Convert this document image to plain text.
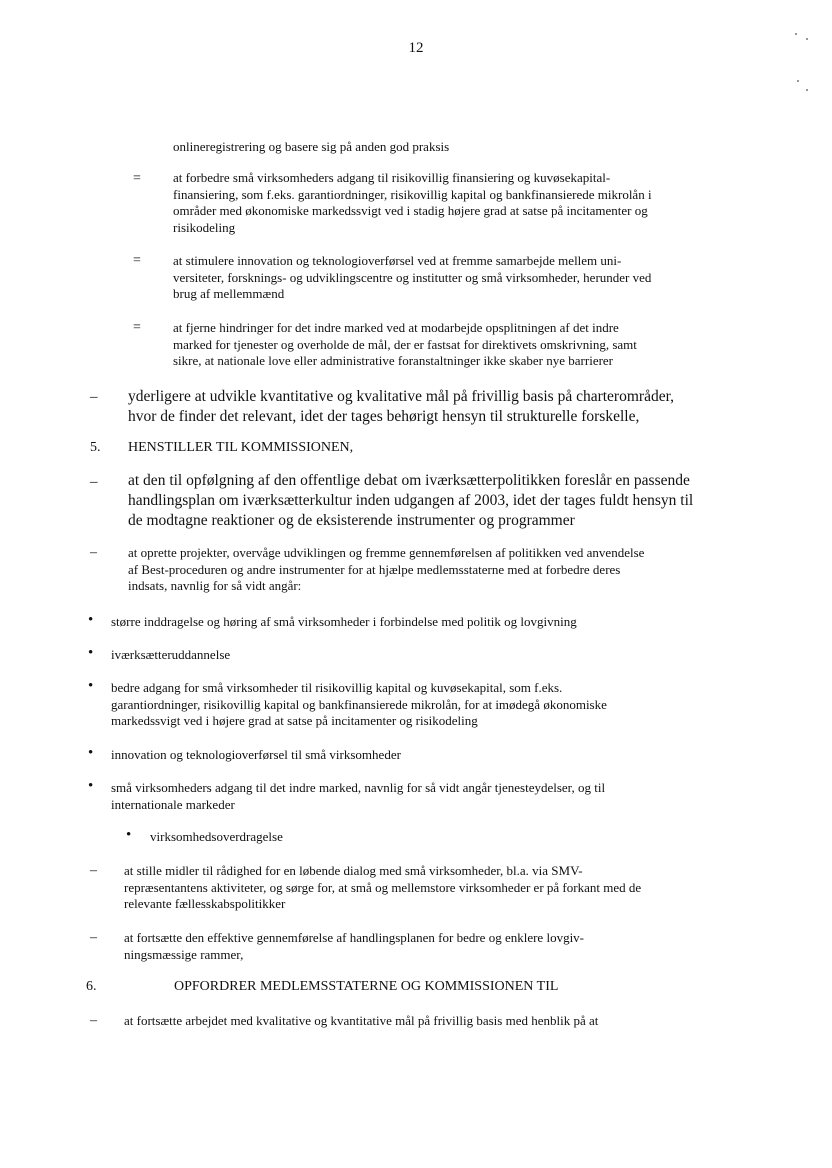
12
onlineregistrering og basere sig på anden god praksis
= at forbedre små virksomheders adgang til risikovillig finansiering og kuvøsekapital-
finansiering, som f.eks. garantiordninger, risikovillig kapital og bankfinansierede mikrolån i
områder med økonomiske markedssvigt ved i stadig højere grad at satse på incitamenter og
risikodeling
= at stimulere innovation og teknologioverførsel ved at fremme samarbejde mellem uni-
versiteter, forsknings- og udviklingscentre og institutter og små virksomheder, herunder ved
brug af mellemmænd
= at fjerne hindringer for det indre marked ved at modarbejde opsplitningen af det indre
marked for tjenester og overholde de mål, der er fastsat for direktivets omskrivning, samt
sikre, at nationale love eller administrative foranstaltninger ikke skaber nye barrierer
– yderligere at udvikle kvantitative og kvalitative mål på frivillig basis på charterområder,
hvor de finder det relevant, idet der tages behørigt hensyn til strukturelle forskelle,
5. HENSTILLER TIL KOMMISSIONEN,
– at den til opfølgning af den offentlige debat om iværksætterpolitikken foreslår en passende
handlingsplan om iværksætterkultur inden udgangen af 2003, idet der tages fuldt hensyn til
de modtagne reaktioner og de eksisterende instrumenter og programmer
– at oprette projekter, overvåge udviklingen og fremme gennemførelsen af politikken ved anvendelse
af Best-proceduren og andre instrumenter for at hjælpe medlemsstaterne med at forbedre deres
indsats, navnlig for så vidt angår:
• større inddragelse og høring af små virksomheder i forbindelse med politik og lovgivning
• iværksætteruddannelse
• bedre adgang for små virksomheder til risikovillig kapital og kuvøsekapital, som f.eks.
garantiordninger, risikovillig kapital og bankfinansierede mikrolån, for at imødegå økonomiske
markedssvigt ved i højere grad at satse på incitamenter og risikodeling
• innovation og teknologioverførsel til små virksomheder
• små virksomheders adgang til det indre marked, navnlig for så vidt angår tjenesteydelser, og til
internationale markeder
• virksomhedsoverdragelse
– at stille midler til rådighed for en løbende dialog med små virksomheder, bl.a. via SMV-
repræsentantens aktiviteter, og sørge for, at små og mellemstore virksomheder er på forkant med de
relevante fællesskabspolitikker
– at fortsætte den effektive gennemførelse af handlingsplanen for bedre og enklere lovgiv-
ningsmæssige rammer,
6.	OPFORDRER MEDLEMSSTATERNE OG KOMMISSIONEN TIL
– at fortsætte arbejdet med kvalitative og kvantitative mål på frivillig basis med henblik på at
